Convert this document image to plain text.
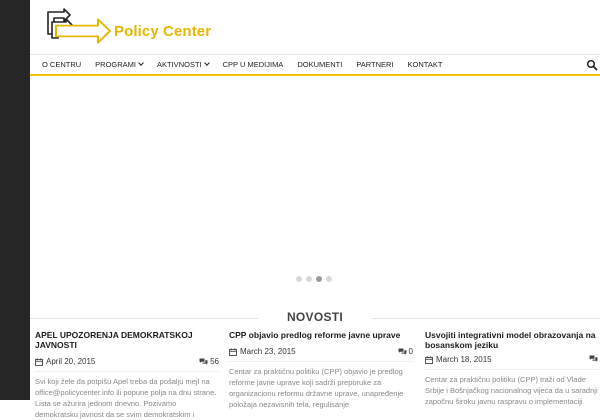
Policy Center
O CENTRU PROGRAMI	AKTIVNOSTI	CPP U MEDIJIMA DOKUMENTI PARTNERI KONTAKT
NOVOSTI
APEL UPOZORENJA DEMOKRATSKOJ JAVNOSTI
April 20, 2015	56
Svi koji žele da potpišu Apel treba da pošalju mejl na office@policycenter.info ili popune polja na dnu strane. Lista se ažurira jednom dnevno. Pozivamo demokratsku javnost da se svim demokratskim i
CPP objavio predlog reforme javne uprave
March 23, 2015	0
Centar za praktičnu politiku (CPP) objavio je predlog reforme javne uprave koji sadrži preporuke za organizacionu reformu državne uprave, unapređenje položaja nezavisnih tela, regulisanje
Usvojiti integrativni model obrazovanja na bosanskom jeziku
March 18, 2015
Centar za praktičnu politiku (CPP) traži od Vlade Srbije i Bošnjačkog nacionalnog vijeća da u saradnji započnu široku javnu raspravu o implementaciji
